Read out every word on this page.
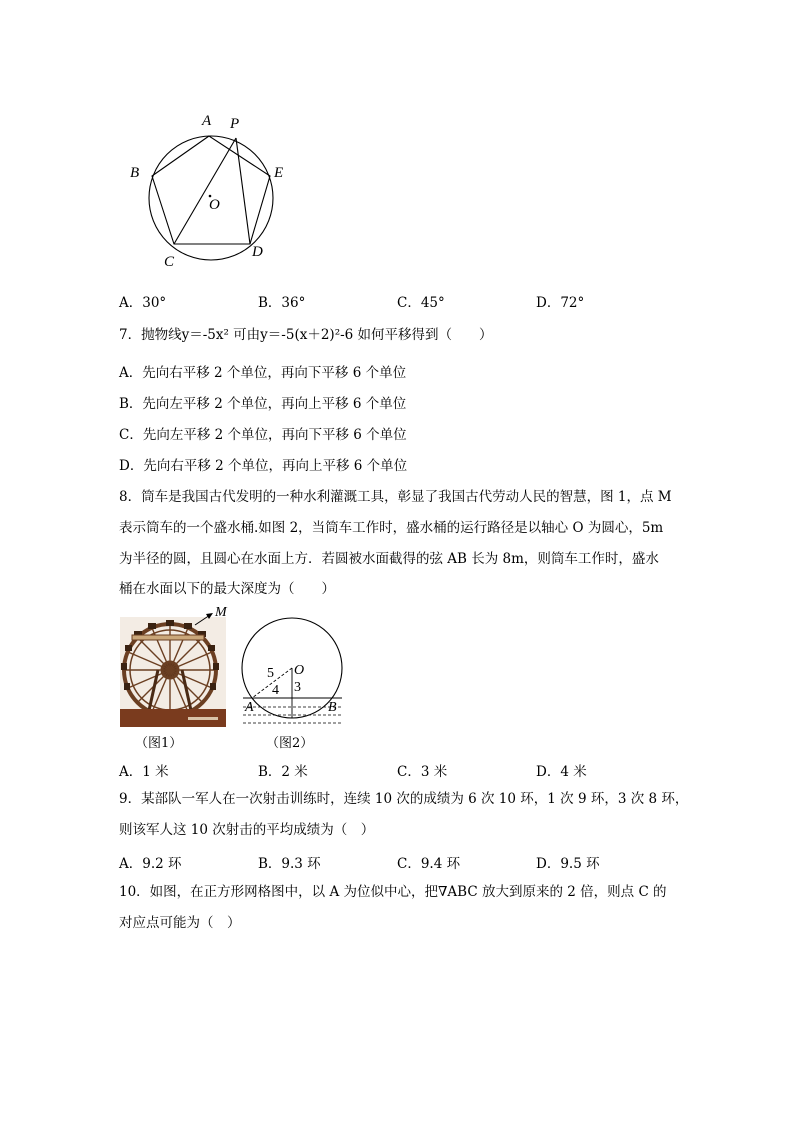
A P
B	E
O
C
D
A．30°	B．36°	C．45°	D．72°
7．抛物线y＝-5x² 可由y＝-5(x＋2)²-6 如何平移得到（　　）
A．先向右平移 2 个单位，再向下平移 6 个单位
B．先向左平移 2 个单位，再向上平移 6 个单位
C．先向左平移 2 个单位，再向下平移 6 个单位
D．先向右平移 2 个单位，再向上平移 6 个单位
8．筒车是我国古代发明的一种水利灌溉工具，彰显了我国古代劳动人民的智慧，图 1，点 M
表示筒车的一个盛水桶.如图 2，当筒车工作时，盛水桶的运行路径是以轴心 O 为圆心，5m
为半径的圆，且圆心在水面上方．若圆被水面截得的弦 AB 长为 8m，则筒车工作时，盛水
桶在水面以下的最大深度为（　　）
M
（图1）
5 O
3
4
A	B
（图2）
A．1 米	B．2 米	C．3 米	D．4 米
9．某部队一军人在一次射击训练时，连续 10 次的成绩为 6 次 10 环，1 次 9 环，3 次 8 环，
则该军人这 10 次射击的平均成绩为（　）
A．9.2 环	B．9.3 环	C．9.4 环	D．9.5 环
10．如图，在正方形网格图中，以 A 为位似中心，把∇ABC 放大到原来的 2 倍，则点 C 的
对应点可能为（　）
